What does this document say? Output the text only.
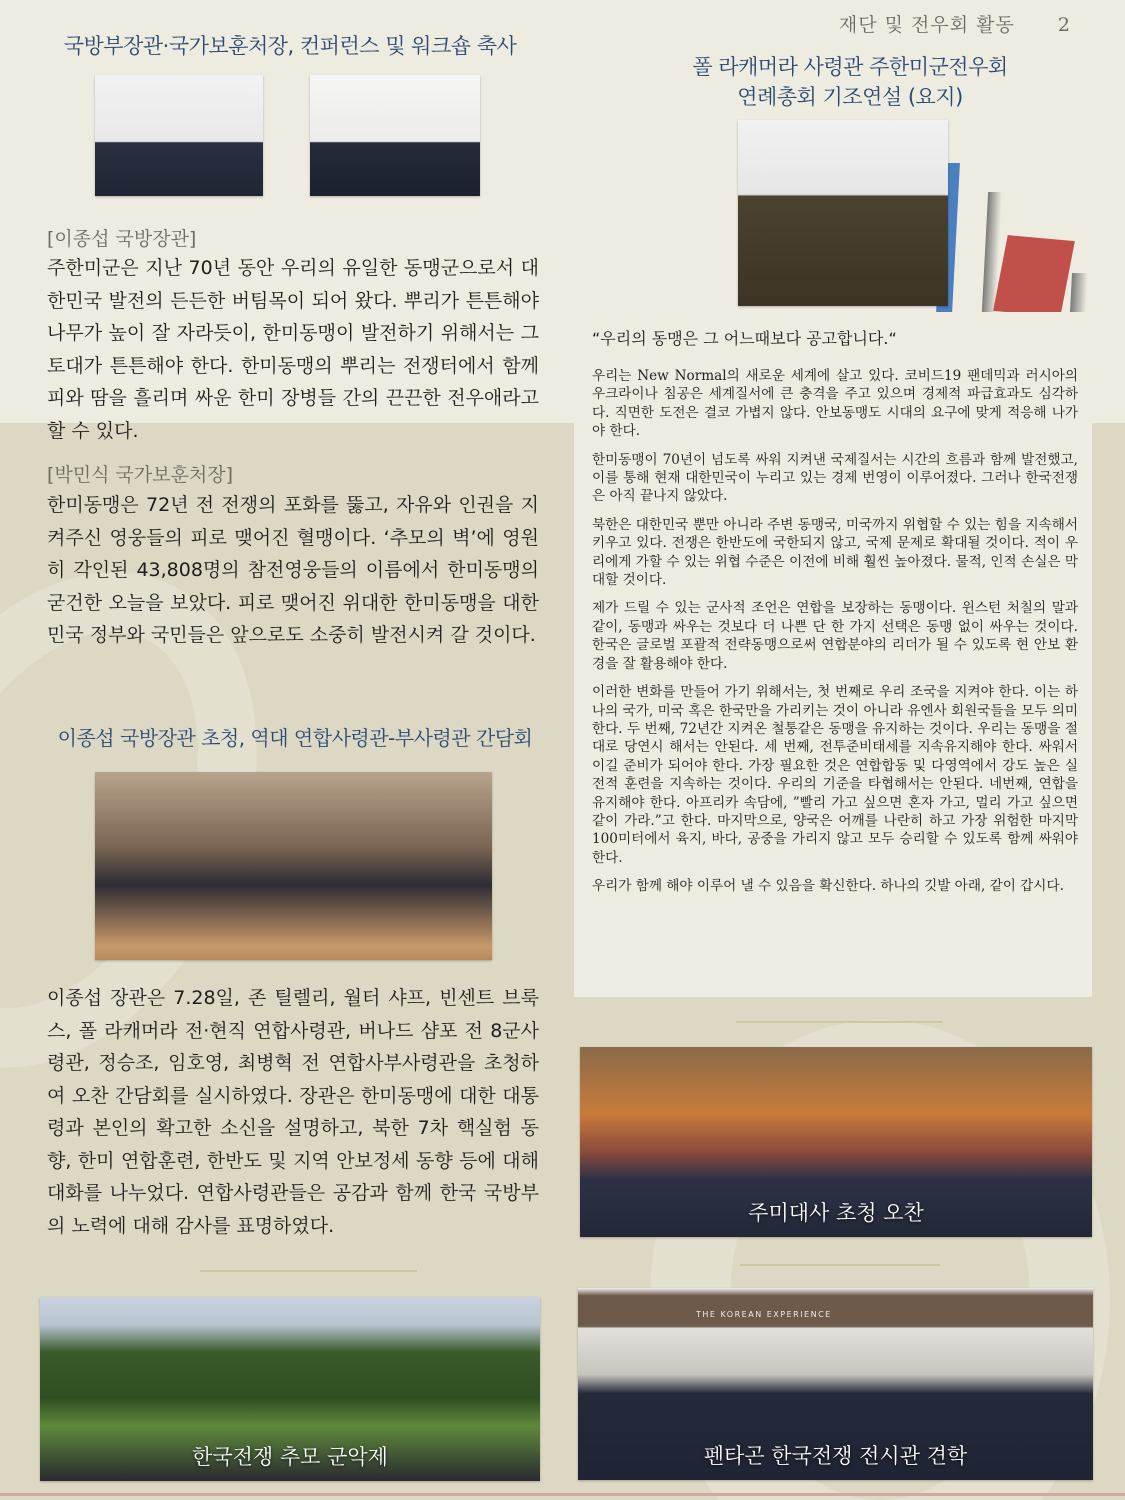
재단 및 전우회 활동 2
국방부장관·국가보훈처장, 컨퍼런스 및 워크숍 축사
[이종섭 국방장관]
주한미군은 지난 70년 동안 우리의 유일한 동맹군으로서 대한민국 발전의 든든한 버팀목이 되어 왔다. 뿌리가 튼튼해야 나무가 높이 잘 자라듯이, 한미동맹이 발전하기 위해서는 그 토대가 튼튼해야 한다. 한미동맹의 뿌리는 전쟁터에서 함께 피와 땀을 흘리며 싸운 한미 장병들 간의 끈끈한 전우애라고 할 수 있다.
[박민식 국가보훈처장]
한미동맹은 72년 전 전쟁의 포화를 뚫고, 자유와 인권을 지켜주신 영웅들의 피로 맺어진 혈맹이다. ‘추모의 벽’에 영원히 각인된 43,808명의 참전영웅들의 이름에서 한미동맹의 굳건한 오늘을 보았다. 피로 맺어진 위대한 한미동맹을 대한민국 정부와 국민들은 앞으로도 소중히 발전시켜 갈 것이다.
이종섭 국방장관 초청, 역대 연합사령관-부사령관 간담회
이종섭 장관은 7.28일, 존 틸렐리, 월터 샤프, 빈센트 브룩스, 폴 라캐머라 전·현직 연합사령관, 버나드 샴포 전 8군사령관, 정승조, 임호영, 최병혁 전 연합사부사령관을 초청하여 오찬 간담회를 실시하였다. 장관은 한미동맹에 대한 대통령과 본인의 확고한 소신을 설명하고, 북한 7차 핵실험 동향, 한미 연합훈련, 한반도 및 지역 안보정세 동향 등에 대해 대화를 나누었다. 연합사령관들은 공감과 함께 한국 국방부의 노력에 대해 감사를 표명하였다.
한국전쟁 추모 군악제
폴 라캐머라 사령관 주한미군전우회
연례총회 기조연설 (요지)
“우리의 동맹은 그 어느때보다 공고합니다.“

우리는 New Normal의 새로운 세계에 살고 있다. 코비드19 팬데믹과 러시아의 우크라이나 침공은 세계질서에 큰 충격을 주고 있으며 경제적 파급효과도 심각하다. 직면한 도전은 결코 가볍지 않다. 안보동맹도 시대의 요구에 맞게 적응해 나가야 한다.

한미동맹이 70년이 넘도록 싸워 지켜낸 국제질서는 시간의 흐름과 함께 발전했고, 이를 통해 현재 대한민국이 누리고 있는 경제 번영이 이루어졌다. 그러나 한국전쟁은 아직 끝나지 않았다.

북한은 대한민국 뿐만 아니라 주변 동맹국, 미국까지 위협할 수 있는 힘을 지속해서 키우고 있다. 전쟁은 한반도에 국한되지 않고, 국제 문제로 확대될 것이다. 적이 우리에게 가할 수 있는 위협 수준은 이전에 비해 훨씬 높아졌다. 물적, 인적 손실은 막대할 것이다.

제가 드릴 수 있는 군사적 조언은 연합을 보장하는 동맹이다. 윈스턴 처칠의 말과 같이, 동맹과 싸우는 것보다 더 나쁜 단 한 가지 선택은 동맹 없이 싸우는 것이다. 한국은 글로벌 포괄적 전략동맹으로써 연합분야의 리더가 될 수 있도록 현 안보 환경을 잘 활용해야 한다.

이러한 변화를 만들어 가기 위해서는, 첫 번째로 우리 조국을 지켜야 한다. 이는 하나의 국가, 미국 혹은 한국만을 가리키는 것이 아니라 유엔사 회원국들을 모두 의미한다. 두 번째, 72년간 지켜온 철통같은 동맹을 유지하는 것이다. 우리는 동맹을 절대로 당연시 해서는 안된다. 세 번째, 전투준비태세를 지속유지해야 한다. 싸워서 이길 준비가 되어야 한다. 가장 필요한 것은 연합합동 및 다영역에서 강도 높은 실전적 훈련을 지속하는 것이다. 우리의 기준을 타협해서는 안된다. 네번째, 연합을 유지해야 한다. 아프리카 속담에, ”빨리 가고 싶으면 혼자 가고, 멀리 가고 싶으면 같이 가라.”고 한다. 마지막으로, 양국은 어깨를 나란히 하고 가장 위험한 마지막 100미터에서 육지, 바다, 공중을 가리지 않고 모두 승리할 수 있도록 함께 싸워야 한다.

우리가 함께 해야 이루어 낼 수 있음을 확신한다. 하나의 깃발 아래, 같이 갑시다.

주미대사 초청 오찬
THE KOREAN EXPERIENCE
펜타곤 한국전쟁 전시관 견학
